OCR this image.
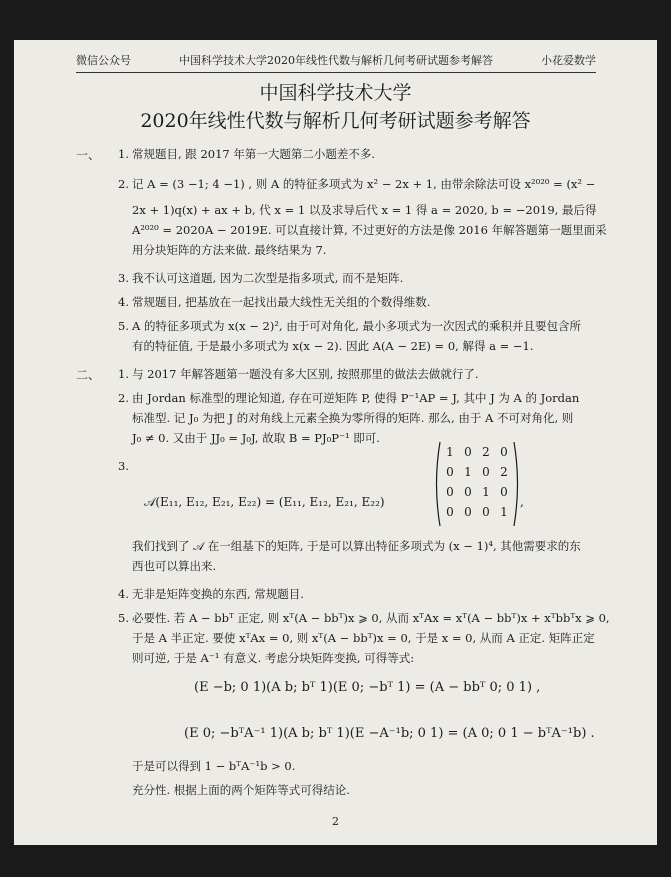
微信公众号	中国科学技术大学2020年线性代数与解析几何考研试题参考解答	小花爱数学
中国科学技术大学
2020年线性代数与解析几何考研试题参考解答
一、 1. 常规题目, 跟 2017 年第一大题第二小题差不多.
2. 记 A = (3 −1; 4 −1) , 则 A 的特征多项式为 x² − 2x + 1, 由带余除法可设 x²⁰²⁰ = (x² −
2x + 1)q(x) + ax + b, 代 x = 1 以及求导后代 x = 1 得 a = 2020, b = −2019, 最后得
A²⁰²⁰ = 2020A − 2019E. 可以直接计算, 不过更好的方法是像 2016 年解答题第一题里面采
用分块矩阵的方法来做. 最终结果为 7.
3. 我不认可这道题, 因为二次型是指多项式, 而不是矩阵.
4. 常规题目, 把基放在一起找出最大线性无关组的个数得维数.
5. A 的特征多项式为 x(x − 2)², 由于可对角化, 最小多项式为一次因式的乘积并且要包含所
有的特征值, 于是最小多项式为 x(x − 2). 因此 A(A − 2E) = 0, 解得 a = −1.
二、 1. 与 2017 年解答题第一题没有多大区别, 按照那里的做法去做就行了.
2. 由 Jordan 标准型的理论知道, 存在可逆矩阵 P, 使得 P⁻¹AP = J, 其中 J 为 A 的 Jordan
标准型. 记 J₀ 为把 J 的对角线上元素全换为零所得的矩阵. 那么, 由于 A 不可对角化, 则
J₀ ≠ 0. 又由于 JJ₀ = J₀J, 故取 B = PJ₀P⁻¹ 即可.
3.
𝒜(E₁₁, E₁₂, E₂₁, E₂₂) = (E₁₁, E₁₂, E₂₁, E₂₂)
1 0 2 0
0 1 0 2
0 0 1 0
0 0 0 1
,
我们找到了 𝒜 在一组基下的矩阵, 于是可以算出特征多项式为 (x − 1)⁴, 其他需要求的东
西也可以算出来.
4. 无非是矩阵变换的东西, 常规题目.
5. 必要性. 若 A − bbᵀ 正定, 则 xᵀ(A − bbᵀ)x ⩾ 0, 从而 xᵀAx = xᵀ(A − bbᵀ)x + xᵀbbᵀx ⩾ 0,
于是 A 半正定. 要使 xᵀAx = 0, 则 xᵀ(A − bbᵀ)x = 0, 于是 x = 0, 从而 A 正定. 矩阵正定
则可逆, 于是 A⁻¹ 有意义. 考虑分块矩阵变换, 可得等式:
(E −b; 0 1)(A b; bᵀ 1)(E 0; −bᵀ 1) = (A − bbᵀ 0; 0 1) ,
(E 0; −bᵀA⁻¹ 1)(A b; bᵀ 1)(E −A⁻¹b; 0 1) = (A 0; 0 1 − bᵀA⁻¹b) .
于是可以得到 1 − bᵀA⁻¹b > 0.
充分性. 根据上面的两个矩阵等式可得结论.
2
